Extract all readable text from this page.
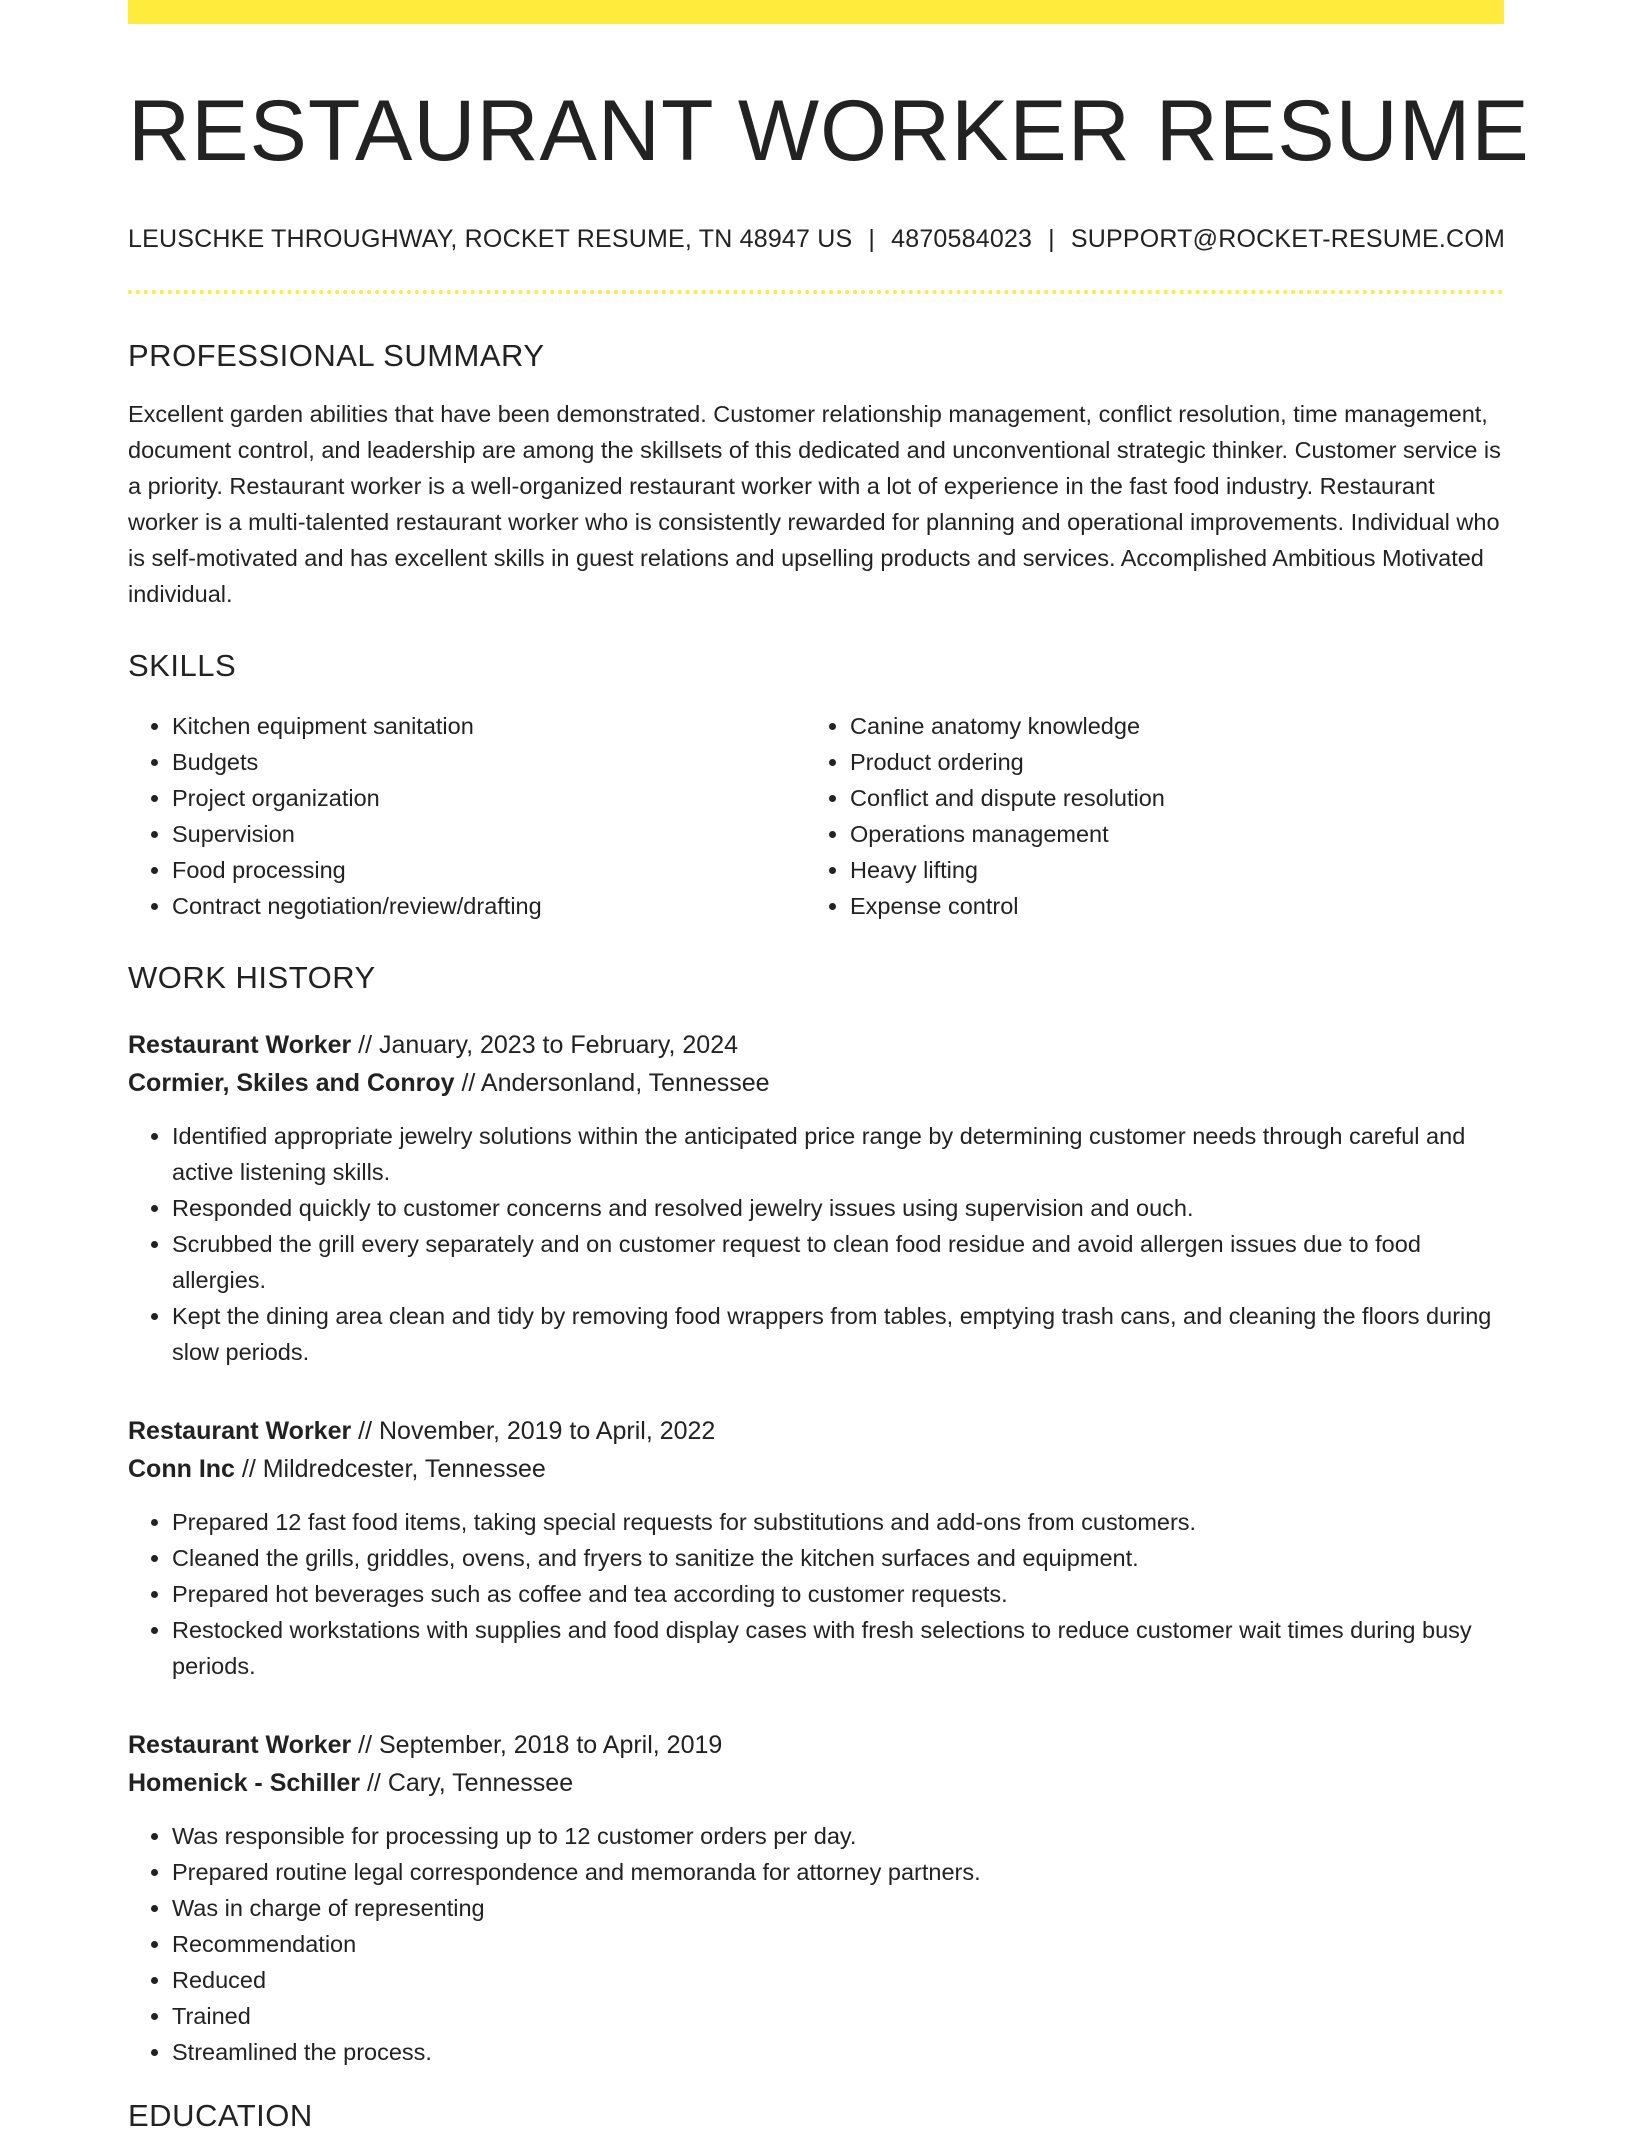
RESTAURANT WORKER RESUME
LEUSCHKE THROUGHWAY, ROCKET RESUME, TN 48947 US | 4870584023 | SUPPORT@ROCKET-RESUME.COM
PROFESSIONAL SUMMARY

Excellent garden abilities that have been demonstrated. Customer relationship management, conflict resolution, time management, document control, and leadership are among the skillsets of this dedicated and unconventional strategic thinker. Customer service is a priority. Restaurant worker is a well-organized restaurant worker with a lot of experience in the fast food industry. Restaurant worker is a multi-talented restaurant worker who is consistently rewarded for planning and operational improvements. Individual who is self-motivated and has excellent skills in guest relations and upselling products and services. Accomplished Ambitious Motivated individual.

SKILLS
• Kitchen equipment sanitation
• Budgets
• Project organization
• Supervision
• Food processing
• Contract negotiation/review/drafting
• Canine anatomy knowledge
• Product ordering
• Conflict and dispute resolution
• Operations management
• Heavy lifting
• Expense control
WORK HISTORY
Restaurant Worker // January, 2023 to February, 2024
Cormier, Skiles and Conroy // Andersonland, Tennessee
• Identified appropriate jewelry solutions within the anticipated price range by determining customer needs through careful and active listening skills.
• Responded quickly to customer concerns and resolved jewelry issues using supervision and ouch.
• Scrubbed the grill every separately and on customer request to clean food residue and avoid allergen issues due to food allergies.
• Kept the dining area clean and tidy by removing food wrappers from tables, emptying trash cans, and cleaning the floors during slow periods.
Restaurant Worker // November, 2019 to April, 2022
Conn Inc // Mildredcester, Tennessee
• Prepared 12 fast food items, taking special requests for substitutions and add-ons from customers.
• Cleaned the grills, griddles, ovens, and fryers to sanitize the kitchen surfaces and equipment.
• Prepared hot beverages such as coffee and tea according to customer requests.
• Restocked workstations with supplies and food display cases with fresh selections to reduce customer wait times during busy periods.
Restaurant Worker // September, 2018 to April, 2019
Homenick - Schiller // Cary, Tennessee
• Was responsible for processing up to 12 customer orders per day.
• Prepared routine legal correspondence and memoranda for attorney partners.
• Was in charge of representing
• Recommendation
• Reduced
• Trained
• Streamlined the process.
EDUCATION
